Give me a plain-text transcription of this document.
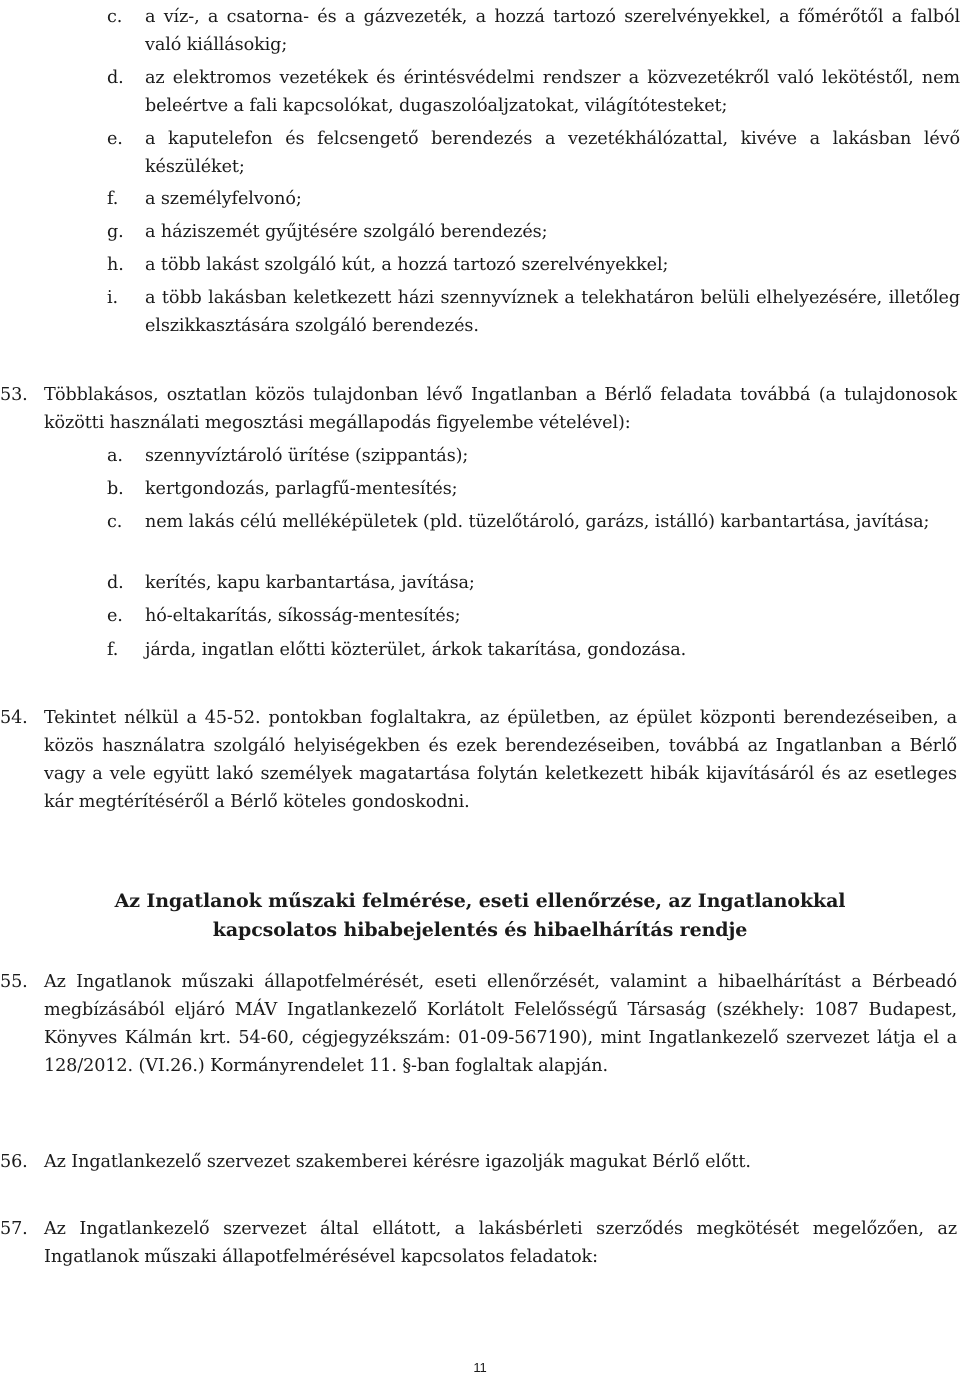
c. a víz-, a csatorna- és a gázvezeték, a hozzá tartozó szerelvényekkel, a főmérőtől a falból való kiállásokig;
d. az elektromos vezetékek és érintésvédelmi rendszer a közvezetékről való lekötéstől, nem beleértve a fali kapcsolókat, dugaszolóaljzatokat, világítótesteket;
e. a kaputelefon és felcsengető berendezés a vezetékhálózattal, kivéve a lakásban lévő készüléket;
f. a személyfelvonó;
g. a háziszemét gyűjtésére szolgáló berendezés;
h. a több lakást szolgáló kút, a hozzá tartozó szerelvényekkel;
i. a több lakásban keletkezett házi szennyvíznek a telekhatáron belüli elhelyezésére, illetőleg elszikkasztására szolgáló berendezés.
53. Többlakásos, osztatlan közös tulajdonban lévő Ingatlanban a Bérlő feladata továbbá (a tulajdonosok közötti használati megosztási megállapodás figyelembe vételével):
a. szennyvíztároló ürítése (szippantás);
b. kertgondozás, parlagfű-mentesítés;
c. nem lakás célú melléképületek (pld. tüzelőtároló, garázs, istálló) karbantartása, javítása;
d. kerítés, kapu karbantartása, javítása;
e. hó-eltakarítás, síkosság-mentesítés;
f. járda, ingatlan előtti közterület, árkok takarítása, gondozása.
54. Tekintet nélkül a 45-52. pontokban foglaltakra, az épületben, az épület központi berendezéseiben, a közös használatra szolgáló helyiségekben és ezek berendezéseiben, továbbá az Ingatlanban a Bérlő vagy a vele együtt lakó személyek magatartása folytán keletkezett hibák kijavításáról és az esetleges kár megtérítéséről a Bérlő köteles gondoskodni.
Az Ingatlanok műszaki felmérése, eseti ellenőrzése, az Ingatlanokkal
kapcsolatos hibabejelentés és hibaelhárítás rendje
55. Az Ingatlanok műszaki állapotfelmérését, eseti ellenőrzését, valamint a hibaelhárítást a Bérbeadó megbízásából eljáró MÁV Ingatlankezelő Korlátolt Felelősségű Társaság (székhely: 1087 Budapest, Könyves Kálmán krt. 54-60, cégjegyzékszám: 01-09-567190), mint Ingatlankezelő szervezet látja el a 128/2012. (VI.26.) Kormányrendelet 11. §-ban foglaltak alapján.
56. Az Ingatlankezelő szervezet szakemberei kérésre igazolják magukat Bérlő előtt.
57. Az Ingatlankezelő szervezet által ellátott, a lakásbérleti szerződés megkötését megelőzően, az Ingatlanok műszaki állapotfelmérésével kapcsolatos feladatok:
11
